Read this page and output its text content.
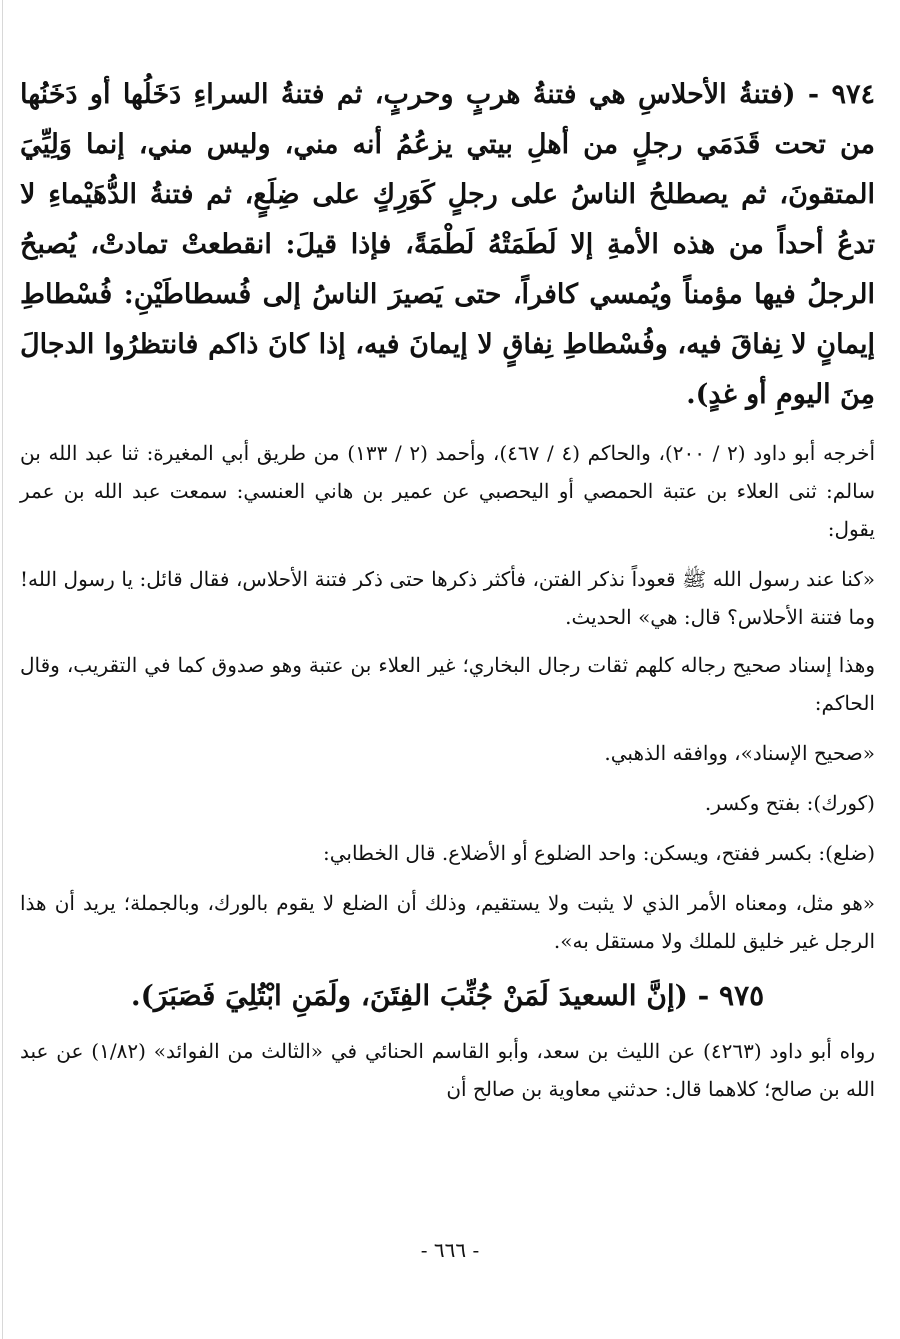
٩٧٤ - (فتنةُ الأحلاسِ هي فتنةُ هربٍ وحربٍ، ثم فتنةُ السراءِ دَخَلُها أو دَخَنُها من تحت قَدَمَي رجلٍ من أهلِ بيتي يزعُمُ أنه مني، وليس مني، إنما وَلِيِّيَ المتقونَ، ثم يصطلحُ الناسُ على رجلٍ كَوَرِكٍ على ضِلَعٍ، ثم فتنةُ الدُّهَيْماءِ لا تدعُ أحداً من هذه الأمةِ إلا لَطَمَتْهُ لَطْمَةً، فإذا قيلَ: انقطعتْ تمادتْ، يُصبحُ الرجلُ فيها مؤمناً ويُمسي كافراً، حتى يَصيرَ الناسُ إلى فُسطاطَيْنِ: فُسْطاطِ إيمانٍ لا نِفاقَ فيه، وفُسْطاطِ نِفاقٍ لا إيمانَ فيه، إذا كانَ ذاكم فانتظرُوا الدجالَ مِنَ اليومِ أو غدٍ).

أخرجه أبو داود (٢ / ٢٠٠)، والحاكم (٤ / ٤٦٧)، وأحمد (٢ / ١٣٣) من طريق أبي المغيرة: ثنا عبد الله بن سالم: ثنى العلاء بن عتبة الحمصي أو اليحصبي عن عمير بن هاني العنسي: سمعت عبد الله بن عمر يقول:

«كنا عند رسول الله ﷺ قعوداً نذكر الفتن، فأكثر ذكرها حتى ذكر فتنة الأحلاس، فقال قائل: يا رسول الله! وما فتنة الأحلاس؟ قال: هي» الحديث.

وهذا إسناد صحيح رجاله كلهم ثقات رجال البخاري؛ غير العلاء بن عتبة وهو صدوق كما في التقريب، وقال الحاكم:

«صحيح الإسناد»، ووافقه الذهبي.

(كورك): بفتح وكسر.

(ضلع): بكسر ففتح، ويسكن: واحد الضلوع أو الأضلاع. قال الخطابي:

«هو مثل، ومعناه الأمر الذي لا يثبت ولا يستقيم، وذلك أن الضلع لا يقوم بالورك، وبالجملة؛ يريد أن هذا الرجل غير خليق للملك ولا مستقل به».

٩٧٥ - (إنَّ السعيدَ لَمَنْ جُنِّبَ الفِتَنَ، ولَمَنِ ابْتُلِيَ فَصَبَرَ).

رواه أبو داود (٤٢٦٣) عن الليث بن سعد، وأبو القاسم الحنائي في «الثالث من الفوائد» (١/٨٢) عن عبد الله بن صالح؛ كلاهما قال: حدثني معاوية بن صالح أن

- ٦٦٦ -
